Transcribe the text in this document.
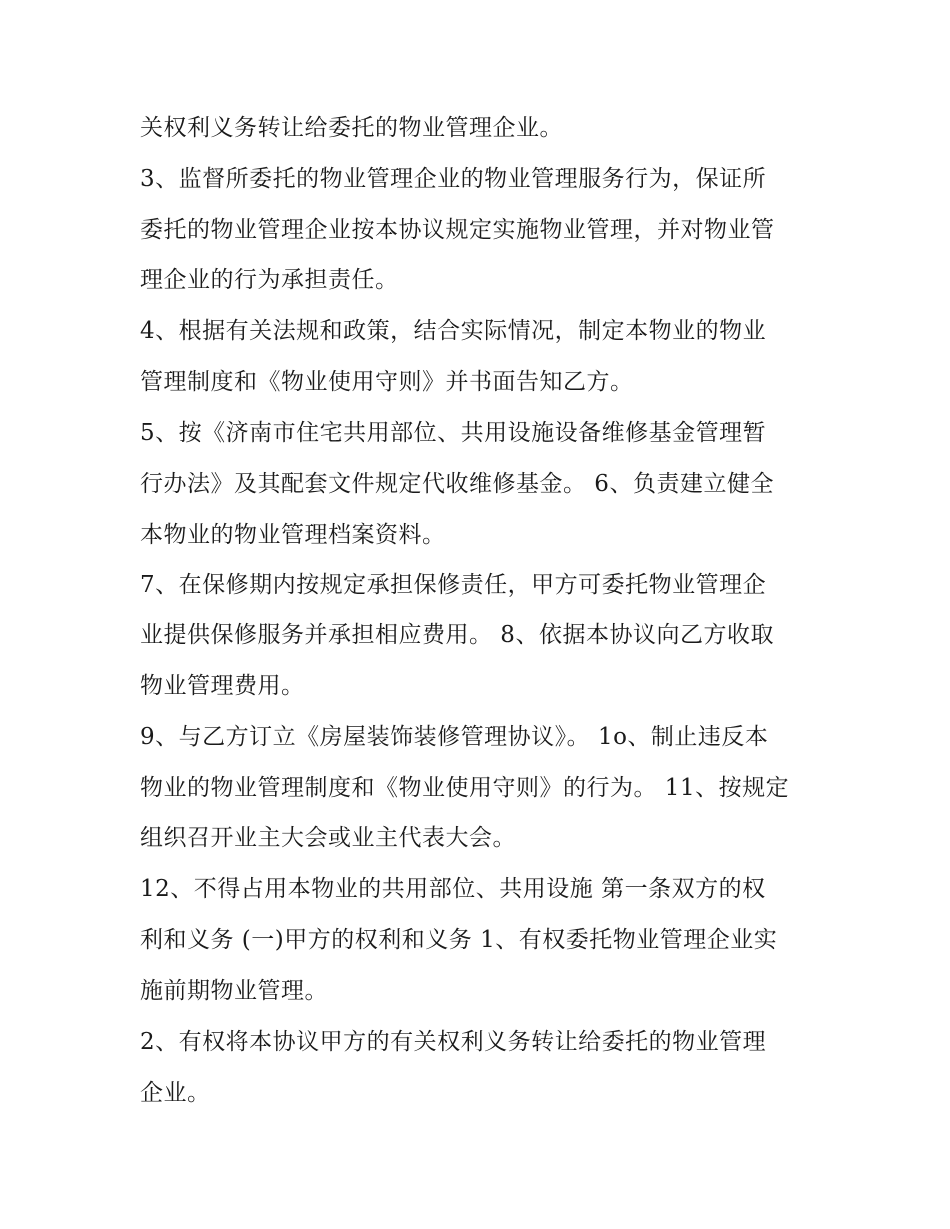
关权利义务转让给委托的物业管理企业。

3、监督所委托的物业管理企业的物业管理服务行为，保证所

委托的物业管理企业按本协议规定实施物业管理，并对物业管

理企业的行为承担责任。

4、根据有关法规和政策，结合实际情况，制定本物业的物业

管理制度和《物业使用守则》并书面告知乙方。

5、按《济南市住宅共用部位、共用设施设备维修基金管理暂

行办法》及其配套文件规定代收维修基金。 6、负责建立健全

本物业的物业管理档案资料。

7、在保修期内按规定承担保修责任，甲方可委托物业管理企

业提供保修服务并承担相应费用。 8、依据本协议向乙方收取

物业管理费用。

9、与乙方订立《房屋装饰装修管理协议》。 1o、制止违反本

物业的物业管理制度和《物业使用守则》的行为。 11、按规定

组织召开业主大会或业主代表大会。

12、不得占用本物业的共用部位、共用设施 第一条双方的权

利和义务 (一)甲方的权利和义务 1、有权委托物业管理企业实

施前期物业管理。

2、有权将本协议甲方的有关权利义务转让给委托的物业管理

企业。
